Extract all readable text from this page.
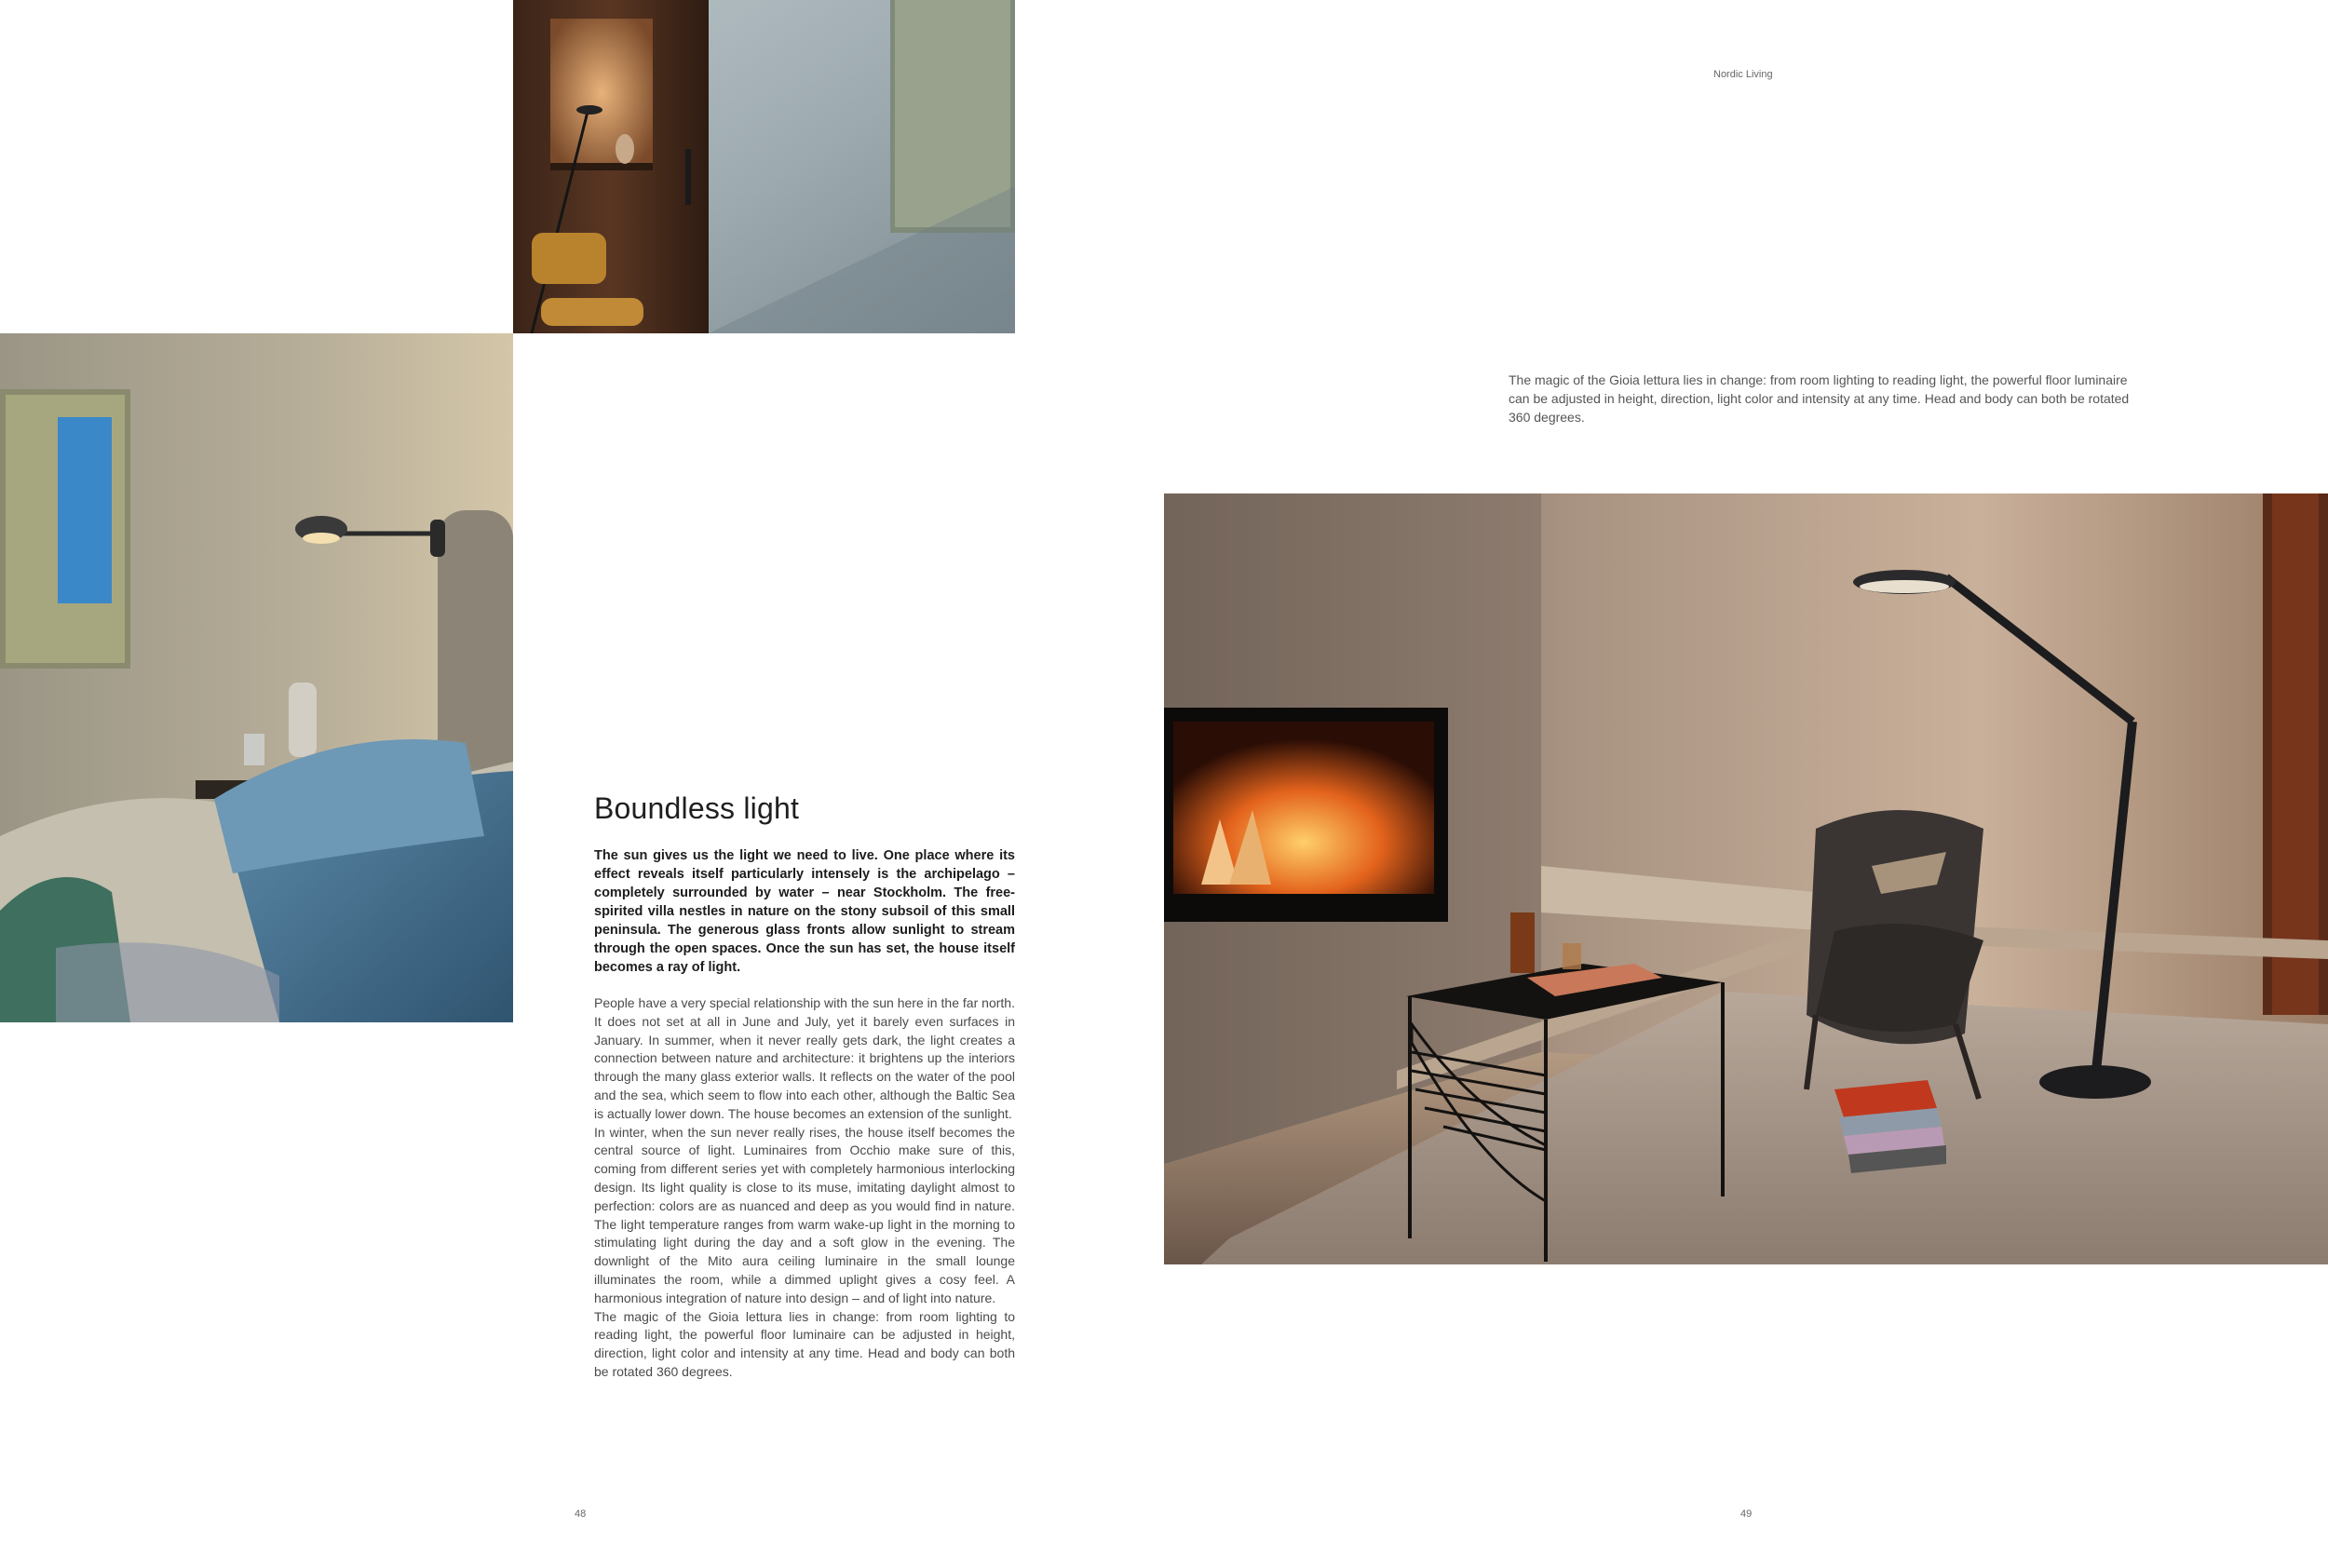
Nordic Living
Boundless light

The sun gives us the light we need to live. One place where its effect reveals itself particularly intensely is the archipelago – completely surrounded by water – near Stockholm. The free-spirited villa nestles in nature on the stony subsoil of this small peninsula. The generous glass fronts allow sunlight to stream through the open spaces. Once the sun has set, the house itself becomes a ray of light.

People have a very special relationship with the sun here in the far north. It does not set at all in June and July, yet it barely even surfaces in January. In summer, when it never really gets dark, the light creates a connection between nature and architecture: it brightens up the interiors through the many glass exterior walls. It reflects on the water of the pool and the sea, which seem to flow into each other, although the Baltic Sea is actually lower down. The house becomes an extension of the sunlight.

In winter, when the sun never really rises, the house itself becomes the central source of light. Luminaires from Occhio make sure of this, coming from different series yet with completely harmonious interlocking design. Its light quality is close to its muse, imitating daylight almost to perfection: colors are as nuanced and deep as you would find in nature. The light temperature ranges from warm wake-up light in the morning to stimulating light during the day and a soft glow in the evening. The downlight of the Mito aura ceiling luminaire in the small lounge illuminates the room, while a dimmed uplight gives a cosy feel. A harmonious integration of nature into design – and of light into nature.

The magic of the Gioia lettura lies in change: from room lighting to reading light, the powerful floor luminaire can be adjusted in height, direction, light color and intensity at any time. Head and body can both be rotated 360 degrees.

The magic of the Gioia lettura lies in change: from room lighting to reading light, the powerful floor luminaire can be adjusted in height, direction, light color and intensity at any time. Head and body can both be rotated 360 degrees.

48	49
